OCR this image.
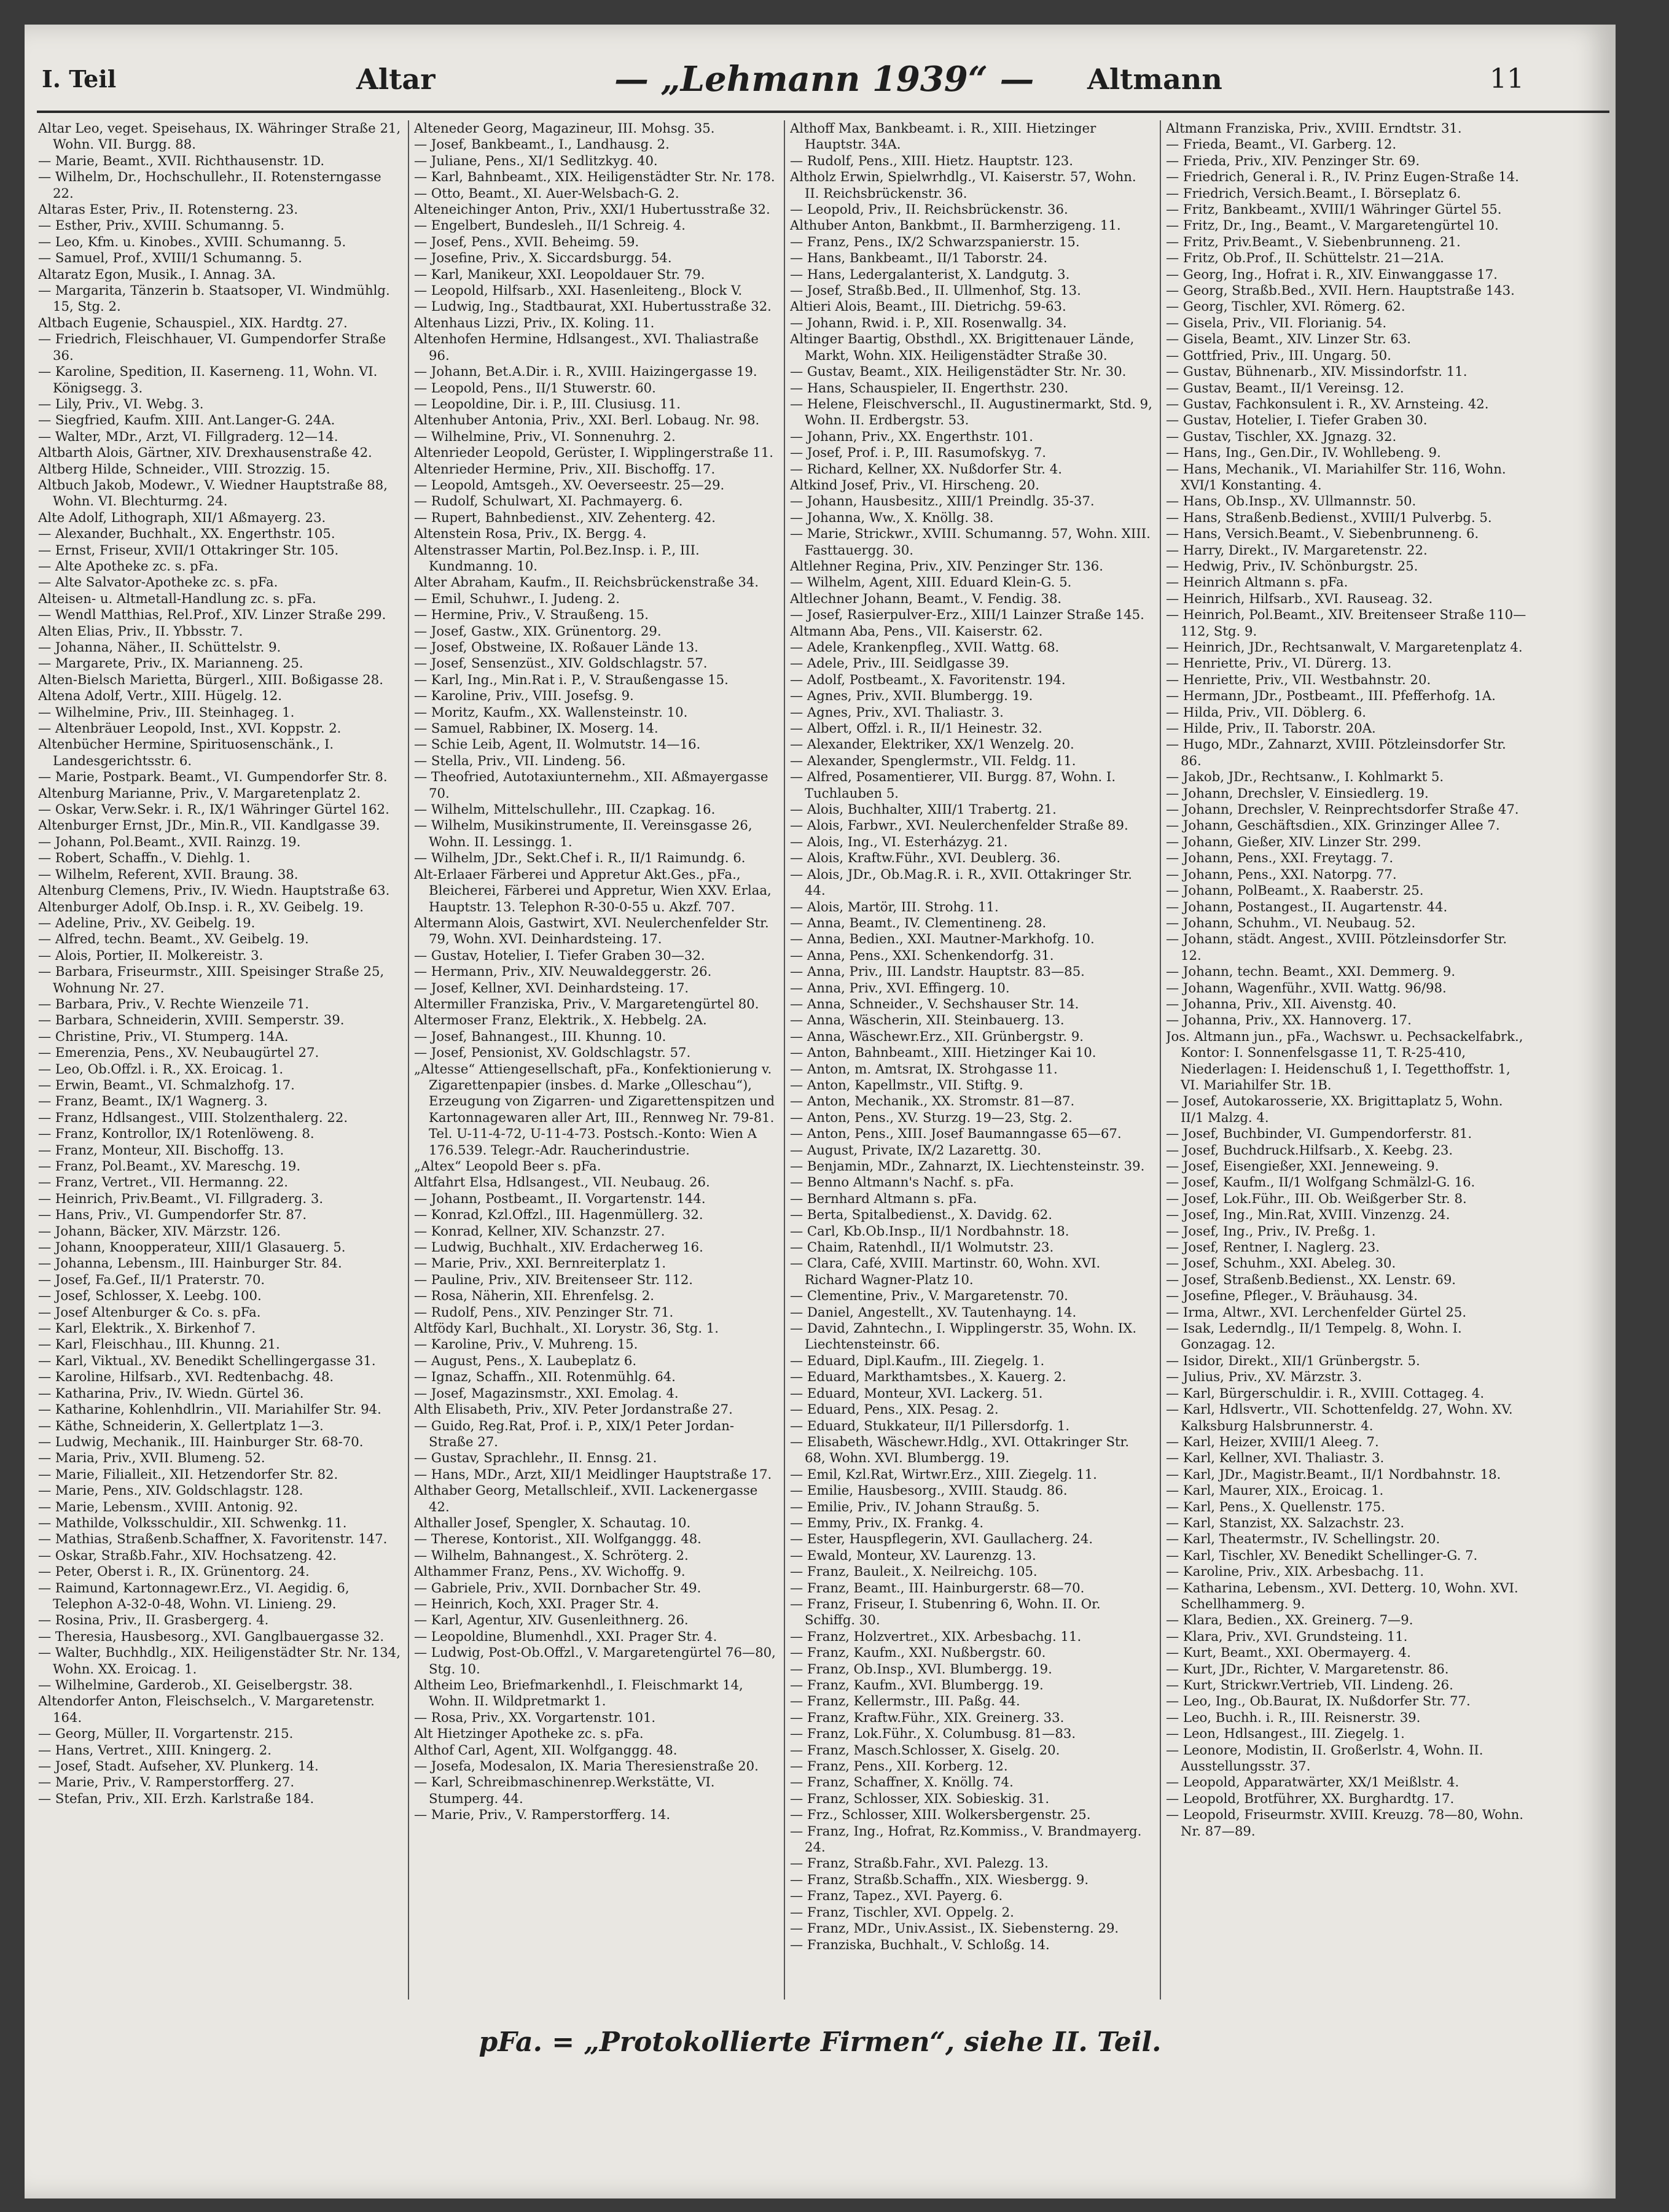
I. Teil	Altar	— „Lehmann 1939“ — Altmann	11

Altar Leo, veget. Speisehaus, IX. Währinger Straße 21, Wohn. VII. Burgg. 88.

— Marie, Beamt., XVII. Richthausenstr. 1D.

— Wilhelm, Dr., Hochschullehr., II. Rotensterngasse 22.

Altaras Ester, Priv., II. Rotensterng. 23.

— Esther, Priv., XVIII. Schumanng. 5.

— Leo, Kfm. u. Kinobes., XVIII. Schumanng. 5.

— Samuel, Prof., XVIII/1 Schumanng. 5.

Altaratz Egon, Musik., I. Annag. 3A.

— Margarita, Tänzerin b. Staatsoper, VI. Windmühlg. 15, Stg. 2.

Altbach Eugenie, Schauspiel., XIX. Hardtg. 27.

— Friedrich, Fleischhauer, VI. Gumpendorfer Straße 36.

— Karoline, Spedition, II. Kaserneng. 11, Wohn. VI. Königsegg. 3.

— Lily, Priv., VI. Webg. 3.

— Siegfried, Kaufm. XIII. Ant.Langer-G. 24A.

— Walter, MDr., Arzt, VI. Fillgraderg. 12—14.

Altbarth Alois, Gärtner, XIV. Drexhausenstraße 42.

Altberg Hilde, Schneider., VIII. Strozzig. 15.

Altbuch Jakob, Modewr., V. Wiedner Hauptstraße 88, Wohn. VI. Blechturmg. 24.

Alte Adolf, Lithograph, XII/1 Aßmayerg. 23.

— Alexander, Buchhalt., XX. Engerthstr. 105.

— Ernst, Friseur, XVII/1 Ottakringer Str. 105.

— Alte Apotheke zc. s. pFa.

— Alte Salvator-Apotheke zc. s. pFa.

Alteisen- u. Altmetall-Handlung zc. s. pFa.

— Wendl Matthias, Rel.Prof., XIV. Linzer Straße 299.

Alten Elias, Priv., II. Ybbsstr. 7.

— Johanna, Näher., II. Schüttelstr. 9.

— Margarete, Priv., IX. Marianneng. 25.

Alten-Bielsch Marietta, Bürgerl., XIII. Boßigasse 28.

Altena Adolf, Vertr., XIII. Hügelg. 12.

— Wilhelmine, Priv., III. Steinhageg. 1.

— Altenbräuer Leopold, Inst., XVI. Koppstr. 2.

Altenbücher Hermine, Spirituosenschänk., I. Landesgerichtsstr. 6.

— Marie, Postpark. Beamt., VI. Gumpendorfer Str. 8.

Altenburg Marianne, Priv., V. Margaretenplatz 2.

— Oskar, Verw.Sekr. i. R., IX/1 Währinger Gürtel 162.

Altenburger Ernst, JDr., Min.R., VII. Kandlgasse 39.

— Johann, Pol.Beamt., XVII. Rainzg. 19.

— Robert, Schaffn., V. Diehlg. 1.

— Wilhelm, Referent, XVII. Braung. 38.

Altenburg Clemens, Priv., IV. Wiedn. Hauptstraße 63.

Altenburger Adolf, Ob.Insp. i. R., XV. Geibelg. 19.

— Adeline, Priv., XV. Geibelg. 19.

— Alfred, techn. Beamt., XV. Geibelg. 19.

— Alois, Portier, II. Molkereistr. 3.

— Barbara, Friseurmstr., XIII. Speisinger Straße 25, Wohnung Nr. 27.

— Barbara, Priv., V. Rechte Wienzeile 71.

— Barbara, Schneiderin, XVIII. Semperstr. 39.

— Christine, Priv., VI. Stumperg. 14A.

— Emerenzia, Pens., XV. Neubaugürtel 27.

— Leo, Ob.Offzl. i. R., XX. Eroicag. 1.

— Erwin, Beamt., VI. Schmalzhofg. 17.

— Franz, Beamt., IX/1 Wagnerg. 3.

— Franz, Hdlsangest., VIII. Stolzenthalerg. 22.

— Franz, Kontrollor, IX/1 Rotenlöweng. 8.

— Franz, Monteur, XII. Bischoffg. 13.

— Franz, Pol.Beamt., XV. Mareschg. 19.

— Franz, Vertret., VII. Hermanng. 22.

— Heinrich, Priv.Beamt., VI. Fillgraderg. 3.

— Hans, Priv., VI. Gumpendorfer Str. 87.

— Johann, Bäcker, XIV. Märzstr. 126.

— Johann, Knoopperateur, XIII/1 Glasauerg. 5.

— Johanna, Lebensm., III. Hainburger Str. 84.

— Josef, Fa.Gef., II/1 Praterstr. 70.

— Josef, Schlosser, X. Leebg. 100.

— Josef Altenburger & Co. s. pFa.

— Karl, Elektrik., X. Birkenhof 7.

— Karl, Fleischhau., III. Khunng. 21.

— Karl, Viktual., XV. Benedikt Schellingergasse 31.

— Karoline, Hilfsarb., XVI. Redtenbachg. 48.

— Katharina, Priv., IV. Wiedn. Gürtel 36.

— Katharine, Kohlenhdlrin., VII. Mariahilfer Str. 94.

— Käthe, Schneiderin, X. Gellertplatz 1—3.

— Ludwig, Mechanik., III. Hainburger Str. 68-70.

— Maria, Priv., XVII. Blumeng. 52.

— Marie, Filialleit., XII. Hetzendorfer Str. 82.

— Marie, Pens., XIV. Goldschlagstr. 128.

— Marie, Lebensm., XVIII. Antonig. 92.

— Mathilde, Volksschuldir., XII. Schwenkg. 11.

— Mathias, Straßenb.Schaffner, X. Favoritenstr. 147.

— Oskar, Straßb.Fahr., XIV. Hochsatzeng. 42.

— Peter, Oberst i. R., IX. Grünentorg. 24.

— Raimund, Kartonnagewr.Erz., VI. Aegidig. 6, Telephon A-32-0-48, Wohn. VI. Linieng. 29.

— Rosina, Priv., II. Grasbergerg. 4.

— Theresia, Hausbesorg., XVI. Ganglbauergasse 32.

— Walter, Buchhdlg., XIX. Heiligenstädter Str. Nr. 134, Wohn. XX. Eroicag. 1.

— Wilhelmine, Garderob., XI. Geiselbergstr. 38.

Altendorfer Anton, Fleischselch., V. Margaretenstr. 164.

— Georg, Müller, II. Vorgartenstr. 215.

— Hans, Vertret., XIII. Kningerg. 2.

— Josef, Stadt. Aufseher, XV. Plunkerg. 14.

— Marie, Priv., V. Ramperstorfferg. 27.

— Stefan, Priv., XII. Erzh. Karlstraße 184.

Alteneder Georg, Magazineur, III. Mohsg. 35.

— Josef, Bankbeamt., I., Landhausg. 2.

— Juliane, Pens., XI/1 Sedlitzkyg. 40.

— Karl, Bahnbeamt., XIX. Heiligenstädter Str. Nr. 178.

— Otto, Beamt., XI. Auer-Welsbach-G. 2.

Alteneichinger Anton, Priv., XXI/1 Hubertusstraße 32.

— Engelbert, Bundesleh., II/1 Schreig. 4.

— Josef, Pens., XVII. Beheimg. 59.

— Josefine, Priv., X. Siccardsburgg. 54.

— Karl, Manikeur, XXI. Leopoldauer Str. 79.

— Leopold, Hilfsarb., XXI. Hasenleiteng., Block V.

— Ludwig, Ing., Stadtbaurat, XXI. Hubertusstraße 32.

Altenhaus Lizzi, Priv., IX. Koling. 11.

Altenhofen Hermine, Hdlsangest., XVI. Thaliastraße 96.

— Johann, Bet.A.Dir. i. R., XVIII. Haizingergasse 19.

— Leopold, Pens., II/1 Stuwerstr. 60.

— Leopoldine, Dir. i. P., III. Clusiusg. 11.

Altenhuber Antonia, Priv., XXI. Berl. Lobaug. Nr. 98.

— Wilhelmine, Priv., VI. Sonnenuhrg. 2.

Altenrieder Leopold, Gerüster, I. Wipplingerstraße 11.

Altenrieder Hermine, Priv., XII. Bischoffg. 17.

— Leopold, Amtsgeh., XV. Oeverseestr. 25—29.

— Rudolf, Schulwart, XI. Pachmayerg. 6.

— Rupert, Bahnbedienst., XIV. Zehenterg. 42.

Altenstein Rosa, Priv., IX. Bergg. 4.

Altenstrasser Martin, Pol.Bez.Insp. i. P., III. Kundmanng. 10.

Alter Abraham, Kaufm., II. Reichsbrückenstraße 34.

— Emil, Schuhwr., I. Judeng. 2.

— Hermine, Priv., V. Straußeng. 15.

— Josef, Gastw., XIX. Grünentorg. 29.

— Josef, Obstweine, IX. Roßauer Lände 13.

— Josef, Sensenzüst., XIV. Goldschlagstr. 57.

— Karl, Ing., Min.Rat i. P., V. Straußengasse 15.

— Karoline, Priv., VIII. Josefsg. 9.

— Moritz, Kaufm., XX. Wallensteinstr. 10.

— Samuel, Rabbiner, IX. Moserg. 14.

— Schie Leib, Agent, II. Wolmutstr. 14—16.

— Stella, Priv., VII. Lindeng. 56.

— Theofried, Autotaxiunternehm., XII. Aßmayergasse 70.

— Wilhelm, Mittelschullehr., III. Czapkag. 16.

— Wilhelm, Musikinstrumente, II. Vereinsgasse 26, Wohn. II. Lessingg. 1.

— Wilhelm, JDr., Sekt.Chef i. R., II/1 Raimundg. 6.

Alt-Erlaaer Färberei und Appretur Akt.Ges., pFa., Bleicherei, Färberei und Appretur, Wien XXV. Erlaa, Hauptstr. 13. Telephon R-30-0-55 u. Akzf. 707.

Altermann Alois, Gastwirt, XVI. Neulerchenfelder Str. 79, Wohn. XVI. Deinhardsteing. 17.

— Gustav, Hotelier, I. Tiefer Graben 30—32.

— Hermann, Priv., XIV. Neuwaldeggerstr. 26.

— Josef, Kellner, XVI. Deinhardsteing. 17.

Altermiller Franziska, Priv., V. Margaretengürtel 80.

Altermoser Franz, Elektrik., X. Hebbelg. 2A.

— Josef, Bahnangest., III. Khunng. 10.

— Josef, Pensionist, XV. Goldschlagstr. 57.

„Altesse“ Attiengesellschaft, pFa., Konfektionierung v. Zigarettenpapier (insbes. d. Marke „Olleschau“), Erzeugung von Zigarren- und Zigarettenspitzen und Kartonnagewaren aller Art, III., Rennweg Nr. 79-81. Tel. U-11-4-72, U-11-4-73. Postsch.-Konto: Wien A 176.539. Telegr.-Adr. Raucherindustrie.

„Altex“ Leopold Beer s. pFa.

Altfahrt Elsa, Hdlsangest., VII. Neubaug. 26.

— Johann, Postbeamt., II. Vorgartenstr. 144.

— Konrad, Kzl.Offzl., III. Hagenmüllerg. 32.

— Konrad, Kellner, XIV. Schanzstr. 27.

— Ludwig, Buchhalt., XIV. Erdacherweg 16.

— Marie, Priv., XXI. Bernreiterplatz 1.

— Pauline, Priv., XIV. Breitenseer Str. 112.

— Rosa, Näherin, XII. Ehrenfelsg. 2.

— Rudolf, Pens., XIV. Penzinger Str. 71.

Altfödy Karl, Buchhalt., XI. Lorystr. 36, Stg. 1.

— Karoline, Priv., V. Muhreng. 15.

— August, Pens., X. Laubeplatz 6.

— Ignaz, Schaffn., XII. Rotenmühlg. 64.

— Josef, Magazinsmstr., XXI. Emolag. 4.

Alth Elisabeth, Priv., XIV. Peter Jordanstraße 27.

— Guido, Reg.Rat, Prof. i. P., XIX/1 Peter Jordan-Straße 27.

— Gustav, Sprachlehr., II. Ennsg. 21.

— Hans, MDr., Arzt, XII/1 Meidlinger Hauptstraße 17.

Althaber Georg, Metallschleif., XVII. Lackenergasse 42.

Althaller Josef, Spengler, X. Schautag. 10.

— Therese, Kontorist., XII. Wolfganggg. 48.

— Wilhelm, Bahnangest., X. Schröterg. 2.

Althammer Franz, Pens., XV. Wichoffg. 9.

— Gabriele, Priv., XVII. Dornbacher Str. 49.

— Heinrich, Koch, XXI. Prager Str. 4.

— Karl, Agentur, XIV. Gusenleithnerg. 26.

— Leopoldine, Blumenhdl., XXI. Prager Str. 4.

— Ludwig, Post-Ob.Offzl., V. Margaretengürtel 76—80, Stg. 10.

Altheim Leo, Briefmarkenhdl., I. Fleischmarkt 14, Wohn. II. Wildpretmarkt 1.

— Rosa, Priv., XX. Vorgartenstr. 101.

Alt Hietzinger Apotheke zc. s. pFa.

Althof Carl, Agent, XII. Wolfganggg. 48.

— Josefa, Modesalon, IX. Maria Theresienstraße 20.

— Karl, Schreibmaschinenrep.Werkstätte, VI. Stumperg. 44.

— Marie, Priv., V. Ramperstorfferg. 14.

Althoff Max, Bankbeamt. i. R., XIII. Hietzinger Hauptstr. 34A.

— Rudolf, Pens., XIII. Hietz. Hauptstr. 123.

Altholz Erwin, Spielwrhdlg., VI. Kaiserstr. 57, Wohn. II. Reichsbrückenstr. 36.

— Leopold, Priv., II. Reichsbrückenstr. 36.

Althuber Anton, Bankbmt., II. Barmherzigeng. 11.

— Franz, Pens., IX/2 Schwarzspanierstr. 15.

— Hans, Bankbeamt., II/1 Taborstr. 24.

— Hans, Ledergalanterist, X. Landgutg. 3.

— Josef, Straßb.Bed., II. Ullmenhof, Stg. 13.

Altieri Alois, Beamt., III. Dietrichg. 59-63.

— Johann, Rwid. i. P., XII. Rosenwallg. 34.

Altinger Baartig, Obsthdl., XX. Brigittenauer Lände, Markt, Wohn. XIX. Heiligenstädter Straße 30.

— Gustav, Beamt., XIX. Heiligenstädter Str. Nr. 30.

— Hans, Schauspieler, II. Engerthstr. 230.

— Helene, Fleischverschl., II. Augustinermarkt, Std. 9, Wohn. II. Erdbergstr. 53.

— Johann, Priv., XX. Engerthstr. 101.

— Josef, Prof. i. P., III. Rasumofskyg. 7.

— Richard, Kellner, XX. Nußdorfer Str. 4.

Altkind Josef, Priv., VI. Hirscheng. 20.

— Johann, Hausbesitz., XIII/1 Preindlg. 35-37.

— Johanna, Ww., X. Knöllg. 38.

— Marie, Strickwr., XVIII. Schumanng. 57, Wohn. XIII. Fasttauergg. 30.

Altlehner Regina, Priv., XIV. Penzinger Str. 136.

— Wilhelm, Agent, XIII. Eduard Klein-G. 5.

Altlechner Johann, Beamt., V. Fendig. 38.

— Josef, Rasierpulver-Erz., XIII/1 Lainzer Straße 145.

Altmann Aba, Pens., VII. Kaiserstr. 62.

— Adele, Krankenpfleg., XVII. Wattg. 68.

— Adele, Priv., III. Seidlgasse 39.

— Adolf, Postbeamt., X. Favoritenstr. 194.

— Agnes, Priv., XVII. Blumbergg. 19.

— Agnes, Priv., XVI. Thaliastr. 3.

— Albert, Offzl. i. R., II/1 Heinestr. 32.

— Alexander, Elektriker, XX/1 Wenzelg. 20.

— Alexander, Spenglermstr., VII. Feldg. 11.

— Alfred, Posamentierer, VII. Burgg. 87, Wohn. I. Tuchlauben 5.

— Alois, Buchhalter, XIII/1 Trabertg. 21.

— Alois, Farbwr., XVI. Neulerchenfelder Straße 89.

— Alois, Ing., VI. Esterházyg. 21.

— Alois, Kraftw.Führ., XVI. Deublerg. 36.

— Alois, JDr., Ob.Mag.R. i. R., XVII. Ottakringer Str. 44.

— Alois, Martör, III. Strohg. 11.

— Anna, Beamt., IV. Clementineng. 28.

— Anna, Bedien., XXI. Mautner-Markhofg. 10.

— Anna, Pens., XXI. Schenkendorfg. 31.

— Anna, Priv., III. Landstr. Hauptstr. 83—85.

— Anna, Priv., XVI. Effingerg. 10.

— Anna, Schneider., V. Sechshauser Str. 14.

— Anna, Wäscherin, XII. Steinbauerg. 13.

— Anna, Wäschewr.Erz., XII. Grünbergstr. 9.

— Anton, Bahnbeamt., XIII. Hietzinger Kai 10.

— Anton, m. Amtsrat, IX. Strohgasse 11.

— Anton, Kapellmstr., VII. Stiftg. 9.

— Anton, Mechanik., XX. Stromstr. 81—87.

— Anton, Pens., XV. Sturzg. 19—23, Stg. 2.

— Anton, Pens., XIII. Josef Baumanngasse 65—67.

— August, Private, IX/2 Lazarettg. 30.

— Benjamin, MDr., Zahnarzt, IX. Liechtensteinstr. 39.

— Benno Altmann's Nachf. s. pFa.

— Bernhard Altmann s. pFa.

— Berta, Spitalbedienst., X. Davidg. 62.

— Carl, Kb.Ob.Insp., II/1 Nordbahnstr. 18.

— Chaim, Ratenhdl., II/1 Wolmutstr. 23.

— Clara, Café, XVIII. Martinstr. 60, Wohn. XVI. Richard Wagner-Platz 10.

— Clementine, Priv., V. Margaretenstr. 70.

— Daniel, Angestellt., XV. Tautenhayng. 14.

— David, Zahntechn., I. Wipplingerstr. 35, Wohn. IX. Liechtensteinstr. 66.

— Eduard, Dipl.Kaufm., III. Ziegelg. 1.

— Eduard, Markthamtsbes., X. Kauerg. 2.

— Eduard, Monteur, XVI. Lackerg. 51.

— Eduard, Pens., XIX. Pesag. 2.

— Eduard, Stukkateur, II/1 Pillersdorfg. 1.

— Elisabeth, Wäschewr.Hdlg., XVI. Ottakringer Str. 68, Wohn. XVI. Blumbergg. 19.

— Emil, Kzl.Rat, Wirtwr.Erz., XIII. Ziegelg. 11.

— Emilie, Hausbesorg., XVIII. Staudg. 86.

— Emilie, Priv., IV. Johann Straußg. 5.

— Emmy, Priv., IX. Frankg. 4.

— Ester, Hauspflegerin, XVI. Gaullacherg. 24.

— Ewald, Monteur, XV. Laurenzg. 13.

— Franz, Bauleit., X. Neilreichg. 105.

— Franz, Beamt., III. Hainburgerstr. 68—70.

— Franz, Friseur, I. Stubenring 6, Wohn. II. Or. Schiffg. 30.

— Franz, Holzvertret., XIX. Arbesbachg. 11.

— Franz, Kaufm., XXI. Nußbergstr. 60.

— Franz, Ob.Insp., XVI. Blumbergg. 19.

— Franz, Kaufm., XVI. Blumbergg. 19.

— Franz, Kellermstr., III. Paßg. 44.

— Franz, Kraftw.Führ., XIX. Greinerg. 33.

— Franz, Lok.Führ., X. Columbusg. 81—83.

— Franz, Masch.Schlosser, X. Giselg. 20.

— Franz, Pens., XII. Korberg. 12.

— Franz, Schaffner, X. Knöllg. 74.

— Franz, Schlosser, XIX. Sobieskig. 31.

— Frz., Schlosser, XIII. Wolkersbergenstr. 25.

— Franz, Ing., Hofrat, Rz.Kommiss., V. Brandmayerg. 24.

— Franz, Straßb.Fahr., XVI. Palezg. 13.

— Franz, Straßb.Schaffn., XIX. Wiesbergg. 9.

— Franz, Tapez., XVI. Payerg. 6.

— Franz, Tischler, XVI. Oppelg. 2.

— Franz, MDr., Univ.Assist., IX. Siebensterng. 29.

— Franziska, Buchhalt., V. Schloßg. 14.

Altmann Franziska, Priv., XVIII. Erndtstr. 31.

— Frieda, Beamt., VI. Garberg. 12.

— Frieda, Priv., XIV. Penzinger Str. 69.

— Friedrich, General i. R., IV. Prinz Eugen-Straße 14.

— Friedrich, Versich.Beamt., I. Börseplatz 6.

— Fritz, Bankbeamt., XVIII/1 Währinger Gürtel 55.

— Fritz, Dr., Ing., Beamt., V. Margaretengürtel 10.

— Fritz, Priv.Beamt., V. Siebenbrunneng. 21.

— Fritz, Ob.Prof., II. Schüttelstr. 21—21A.

— Georg, Ing., Hofrat i. R., XIV. Einwanggasse 17.

— Georg, Straßb.Bed., XVII. Hern. Hauptstraße 143.

— Georg, Tischler, XVI. Römerg. 62.

— Gisela, Priv., VII. Florianig. 54.

— Gisela, Beamt., XIV. Linzer Str. 63.

— Gottfried, Priv., III. Ungarg. 50.

— Gustav, Bühnenarb., XIV. Missindorfstr. 11.

— Gustav, Beamt., II/1 Vereinsg. 12.

— Gustav, Fachkonsulent i. R., XV. Arnsteing. 42.

— Gustav, Hotelier, I. Tiefer Graben 30.

— Gustav, Tischler, XX. Jgnazg. 32.

— Hans, Ing., Gen.Dir., IV. Wohllebeng. 9.

— Hans, Mechanik., VI. Mariahilfer Str. 116, Wohn. XVI/1 Konstanting. 4.

— Hans, Ob.Insp., XV. Ullmannstr. 50.

— Hans, Straßenb.Bedienst., XVIII/1 Pulverbg. 5.

— Hans, Versich.Beamt., V. Siebenbrunneng. 6.

— Harry, Direkt., IV. Margaretenstr. 22.

— Hedwig, Priv., IV. Schönburgstr. 25.

— Heinrich Altmann s. pFa.

— Heinrich, Hilfsarb., XVI. Rauseag. 32.

— Heinrich, Pol.Beamt., XIV. Breitenseer Straße 110—112, Stg. 9.

— Heinrich, JDr., Rechtsanwalt, V. Margaretenplatz 4.

— Henriette, Priv., VI. Dürerg. 13.

— Henriette, Priv., VII. Westbahnstr. 20.

— Hermann, JDr., Postbeamt., III. Pfefferhofg. 1A.

— Hilda, Priv., VII. Döblerg. 6.

— Hilde, Priv., II. Taborstr. 20A.

— Hugo, MDr., Zahnarzt, XVIII. Pötzleinsdorfer Str. 86.

— Jakob, JDr., Rechtsanw., I. Kohlmarkt 5.

— Johann, Drechsler, V. Einsiedlerg. 19.

— Johann, Drechsler, V. Reinprechtsdorfer Straße 47.

— Johann, Geschäftsdien., XIX. Grinzinger Allee 7.

— Johann, Gießer, XIV. Linzer Str. 299.

— Johann, Pens., XXI. Freytagg. 7.

— Johann, Pens., XXI. Natorpg. 77.

— Johann, PolBeamt., X. Raaberstr. 25.

— Johann, Postangest., II. Augartenstr. 44.

— Johann, Schuhm., VI. Neubaug. 52.

— Johann, städt. Angest., XVIII. Pötzleinsdorfer Str. 12.

— Johann, techn. Beamt., XXI. Demmerg. 9.

— Johann, Wagenführ., XVII. Wattg. 96/98.

— Johanna, Priv., XII. Aivenstg. 40.

— Johanna, Priv., XX. Hannoverg. 17.

Jos. Altmann jun., pFa., Wachswr. u. Pechsackelfabrk., Kontor: I. Sonnenfelsgasse 11, T. R-25-410, Niederlagen: I. Heidenschuß 1, I. Tegetthoffstr. 1, VI. Mariahilfer Str. 1B.

— Josef, Autokarosserie, XX. Brigittaplatz 5, Wohn. II/1 Malzg. 4.

— Josef, Buchbinder, VI. Gumpendorferstr. 81.

— Josef, Buchdruck.Hilfsarb., X. Keebg. 23.

— Josef, Eisengießer, XXI. Jenneweing. 9.

— Josef, Kaufm., II/1 Wolfgang Schmälzl-G. 16.

— Josef, Lok.Führ., III. Ob. Weißgerber Str. 8.

— Josef, Ing., Min.Rat, XVIII. Vinzenzg. 24.

— Josef, Ing., Priv., IV. Preßg. 1.

— Josef, Rentner, I. Naglerg. 23.

— Josef, Schuhm., XXI. Abeleg. 30.

— Josef, Straßenb.Bedienst., XX. Lenstr. 69.

— Josefine, Pfleger., V. Bräuhausg. 34.

— Irma, Altwr., XVI. Lerchenfelder Gürtel 25.

— Isak, Lederndlg., II/1 Tempelg. 8, Wohn. I. Gonzagag. 12.

— Isidor, Direkt., XII/1 Grünbergstr. 5.

— Julius, Priv., XV. Märzstr. 3.

— Karl, Bürgerschuldir. i. R., XVIII. Cottageg. 4.

— Karl, Hdlsvertr., VII. Schottenfeldg. 27, Wohn. XV. Kalksburg Halsbrunnerstr. 4.

— Karl, Heizer, XVIII/1 Aleeg. 7.

— Karl, Kellner, XVI. Thaliastr. 3.

— Karl, JDr., Magistr.Beamt., II/1 Nordbahnstr. 18.

— Karl, Maurer, XIX., Eroicag. 1.

— Karl, Pens., X. Quellenstr. 175.

— Karl, Stanzist, XX. Salzachstr. 23.

— Karl, Theatermstr., IV. Schellingstr. 20.

— Karl, Tischler, XV. Benedikt Schellinger-G. 7.

— Karoline, Priv., XIX. Arbesbachg. 11.

— Katharina, Lebensm., XVI. Detterg. 10, Wohn. XVI. Schellhammerg. 9.

— Klara, Bedien., XX. Greinerg. 7—9.

— Klara, Priv., XVI. Grundsteing. 11.

— Kurt, Beamt., XXI. Obermayerg. 4.

— Kurt, JDr., Richter, V. Margaretenstr. 86.

— Kurt, Strickwr.Vertrieb, VII. Lindeng. 26.

— Leo, Ing., Ob.Baurat, IX. Nußdorfer Str. 77.

— Leo, Buchh. i. R., III. Reisnerstr. 39.

— Leon, Hdlsangest., III. Ziegelg. 1.

— Leonore, Modistin, II. Großerlstr. 4, Wohn. II. Ausstellungsstr. 37.

— Leopold, Apparatwärter, XX/1 Meißlstr. 4.

— Leopold, Brotführer, XX. Burghardtg. 17.

— Leopold, Friseurmstr. XVIII. Kreuzg. 78—80, Wohn. Nr. 87—89.

pFa. = „Protokollierte Firmen“, siehe II. Teil.
